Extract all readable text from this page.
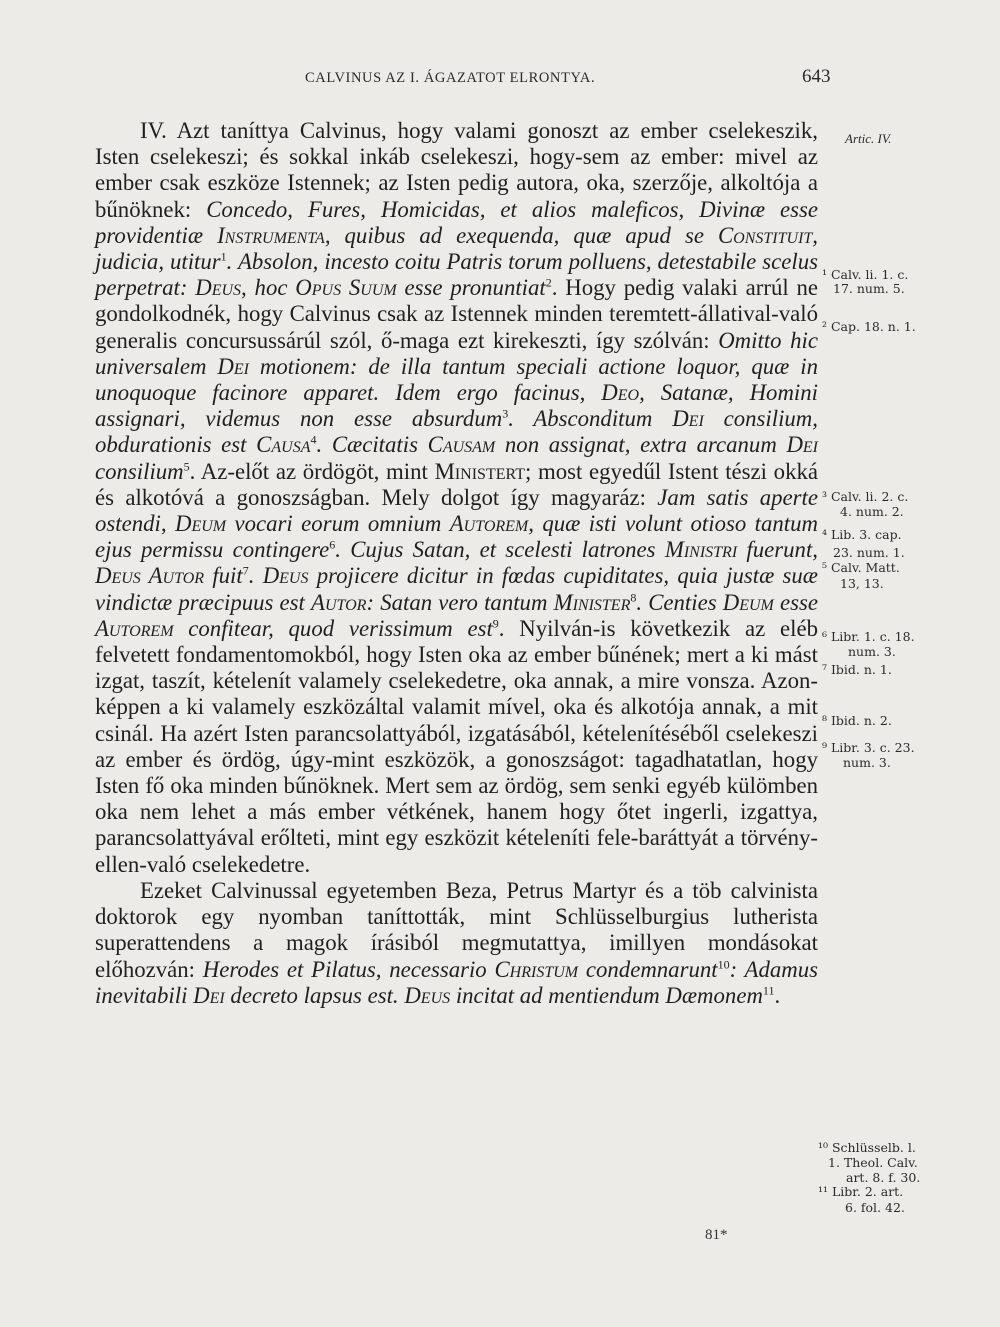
CALVINUS AZ I. ÁGAZATOT ELRONTYA.	643

IV. Azt taníttya Calvinus, hogy valami gonoszt az ember cselekeszik, Isten cselekeszi; és sokkal inkáb cselekeszi, hogy-sem az ember: mivel az ember csak eszköze Istennek; az Isten pedig autora, oka, szerzője, alkoltója a bűnöknek: Concedo, Fures, Homicidas, et alios maleficos, Divinæ esse providentiæ Instrumenta, quibus ad exequenda, quæ apud se Constituit, judicia, utitur$^1$. Absolon, incesto coitu Patris torum polluens, detestabile scelus perpetrat: Deus, hoc Opus Suum esse pronuntiat$^2$. Hogy pedig valaki arrúl ne gondolkodnék, hogy Calvinus csak az Istennek minden teremtett-állatival-való generalis concursussárúl szól, ő-maga ezt kirekeszti, így szólván: Omitto hic universalem Dei motionem: de illa tantum speciali actione loquor, quæ in unoquoque facinore apparet. Idem ergo facinus, Deo, Satanæ, Homini assignari, videmus non esse absurdum$^3$. Absconditum Dei consilium, obdurationis est Causa$^4$. Cæcitatis Causam non assignat, extra arcanum Dei consilium$^5$. Az-előt az ördögöt, mint Ministert; most egyedűl Istent tészi okká és alkotóvá a gonoszságban. Mely dolgot így magyaráz: Jam satis aperte ostendi, Deum vocari eorum omnium Autorem, quæ isti volunt otioso tantum ejus permissu contingere$^6$. Cujus Satan, et scelesti latrones Ministri fuerunt, Deus Autor fuit$^7$. Deus projicere dicitur in fœdas cupiditates, quia justæ suæ vindictæ præcipuus est Autor: Satan vero tantum Minister$^8$. Centies Deum esse Autorem confitear, quod verissimum est$^9$. Nyilván-is következik az eléb felvetett fondamentomokból, hogy Isten oka az ember bűnének; mert a ki mást izgat, taszít, kételenít valamely cselekedetre, oka annak, a mire vonsza. Azon-képpen a ki valamely eszközáltal valamit mível, oka és alkotója annak, a mit csinál. Ha azért Isten parancsolattyából, izgatásából, kételenítéséből cselekeszi az ember és ördög, úgy-mint eszközök, a gonoszságot: tagadhatatlan, hogy Isten fő oka minden bűnöknek. Mert sem az ördög, sem senki egyéb külömben oka nem lehet a más ember vétkének, hanem hogy őtet ingerli, izgattya, parancsolattyával erőlteti, mint egy eszközit kételeníti fele-baráttyát a törvény-ellen-való cselekedetre.

Ezeket Calvinussal egyetemben Beza, Petrus Martyr és a töb calvinista doktorok egy nyomban taníttották, mint Schlüsselburgius lutherista superattendens a magok írásiból megmutattya, imillyen mondásokat előhozván: Herodes et Pilatus, necessario Christum condemnarunt$^{10}$: Adamus inevitabili Dei decreto lapsus est. Deus incitat ad mentiendum Dæmonem$^{11}$.

Artic. IV.
¹ Calv. li. 1. c.
17. num. 5.
² Cap. 18. n. 1.
³ Calv. li. 2. c.
4. num. 2.
⁴ Lib. 3. cap.
23. num. 1.
⁵ Calv. Matt.
13, 13.
⁶ Libr. 1. c. 18.
num. 3.
⁷ Ibid. n. 1.
⁸ Ibid. n. 2.
⁹ Libr. 3. c. 23.
num. 3.
¹⁰ Schlüsselb. l.
1. Theol. Calv.
art. 8. f. 30.
¹¹ Libr. 2. art.
6. fol. 42.
81*
